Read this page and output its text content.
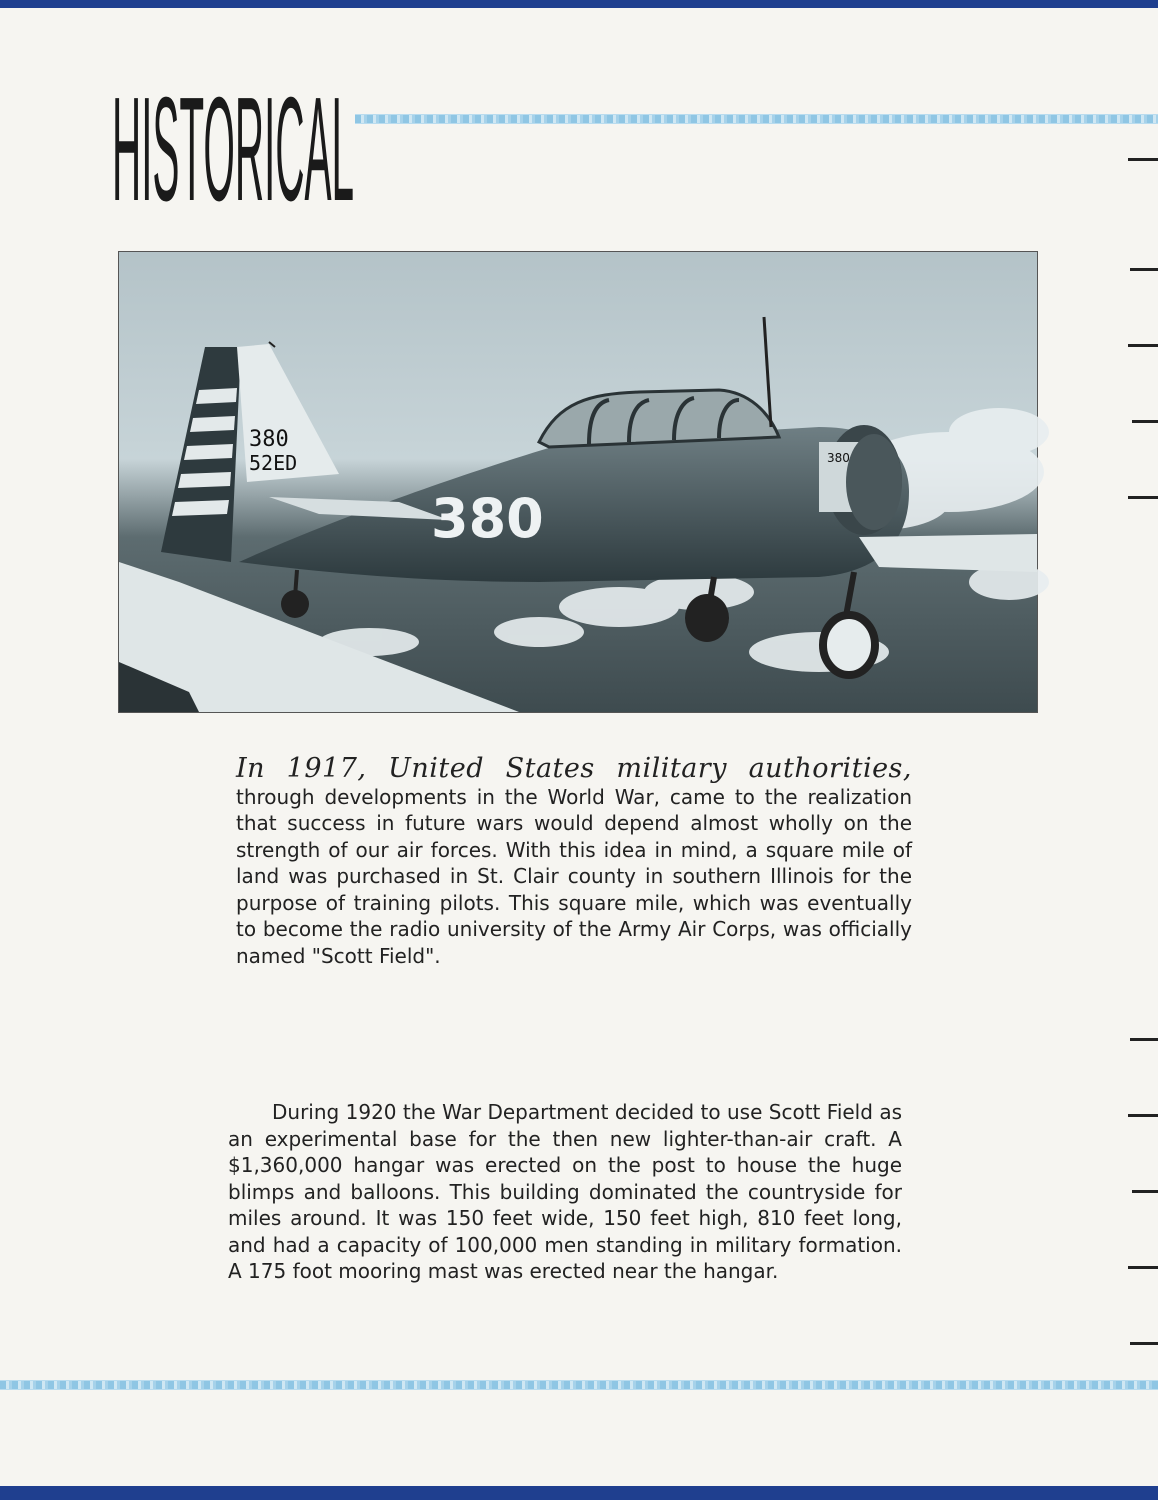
HISTORICAL
380
52ED	380
380

In 1917, United States military authorities, through developments in the World War, came to the realization that success in future wars would depend almost wholly on the strength of our air forces. With this idea in mind, a square mile of land was purchased in St. Clair county in southern Illinois for the purpose of training pilots. This square mile, which was eventually to become the radio university of the Army Air Corps, was officially named "Scott Field".

During 1920 the War Department decided to use Scott Field as an experimental base for the then new lighter-than-air craft. A $1,360,000 hangar was erected on the post to house the huge blimps and balloons. This building dominated the countryside for miles around. It was 150 feet wide, 150 feet high, 810 feet long, and had a capacity of 100,000 men standing in military formation. A 175 foot mooring mast was erected near the hangar.
